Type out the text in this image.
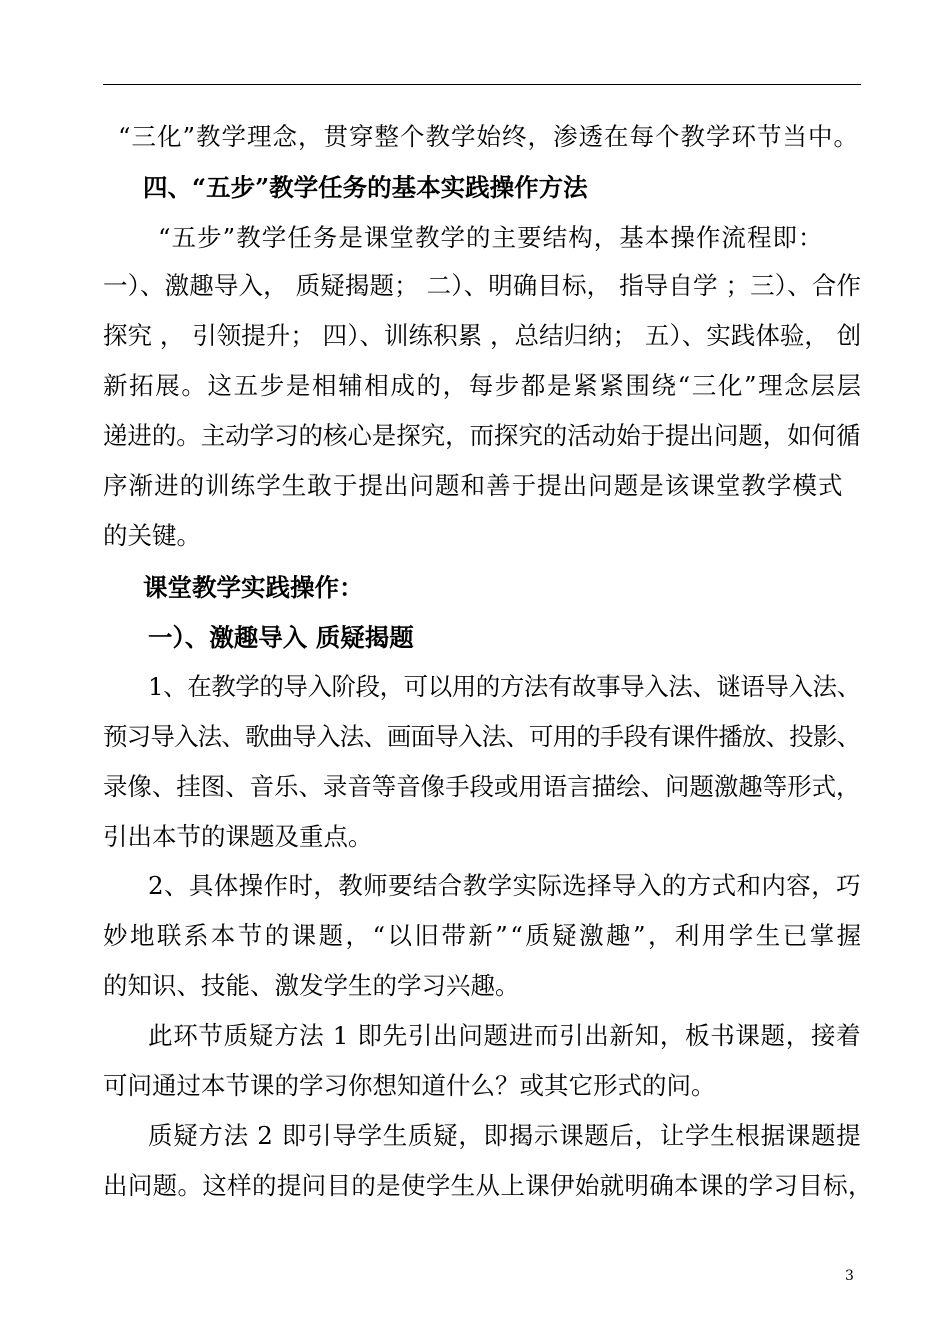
“三化”教学理念，贯穿整个教学始终，渗透在每个教学环节当中。
四、“五步”教学任务的基本实践操作方法
“五步”教学任务是课堂教学的主要结构，基本操作流程即：
一）、激趣导入， 质疑揭题； 二）、明确目标， 指导自学 ；三）、合作
探究 ， 引领提升； 四）、训练积累 ，总结归纳； 五）、实践体验， 创
新拓展。这五步是相辅相成的，每步都是紧紧围绕“三化”理念层层
递进的。主动学习的核心是探究，而探究的活动始于提出问题，如何循
序渐进的训练学生敢于提出问题和善于提出问题是该课堂教学模式
的关键。
课堂教学实践操作：
一）、激趣导入 质疑揭题
1、在教学的导入阶段，可以用的方法有故事导入法、谜语导入法、
预习导入法、歌曲导入法、画面导入法、可用的手段有课件播放、投影、
录像、挂图、音乐、录音等音像手段或用语言描绘、问题激趣等形式，
引出本节的课题及重点。
2、具体操作时，教师要结合教学实际选择导入的方式和内容，巧
妙地联系本节的课题，“以旧带新”“质疑激趣”，利用学生已掌握
的知识、技能、激发学生的学习兴趣。
此环节质疑方法 1 即先引出问题进而引出新知，板书课题，接着
可问通过本节课的学习你想知道什么？或其它形式的问。
质疑方法 2 即引导学生质疑，即揭示课题后，让学生根据课题提
出问题。这样的提问目的是使学生从上课伊始就明确本课的学习目标，
3
